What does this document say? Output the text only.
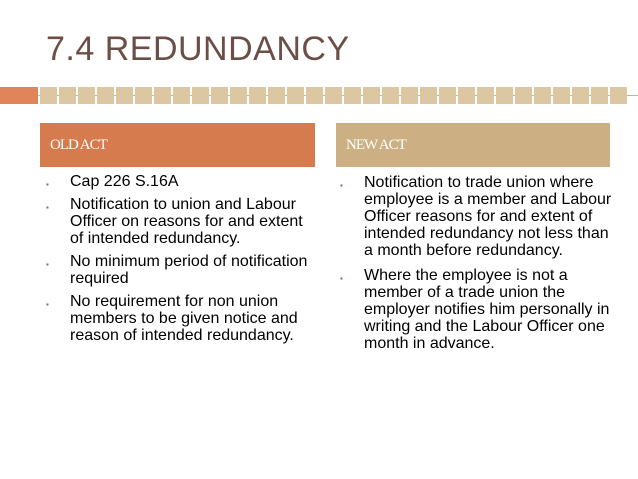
7.4 REDUNDANCY
OLD ACT	NEW ACT
▪ Cap 226 S.16A
▪ Notification to union and Labour Officer on reasons for and extent of intended redundancy.
▪ No minimum period of notification required
▪ No requirement for non union members to be given notice and reason of intended redundancy.
▪ Notification to trade union where employee is a member and Labour Officer reasons for and extent of intended redundancy not less than a month before redundancy.
▪ Where the employee is not a member of a trade union the employer notifies him personally in writing and the Labour Officer one month in advance.
